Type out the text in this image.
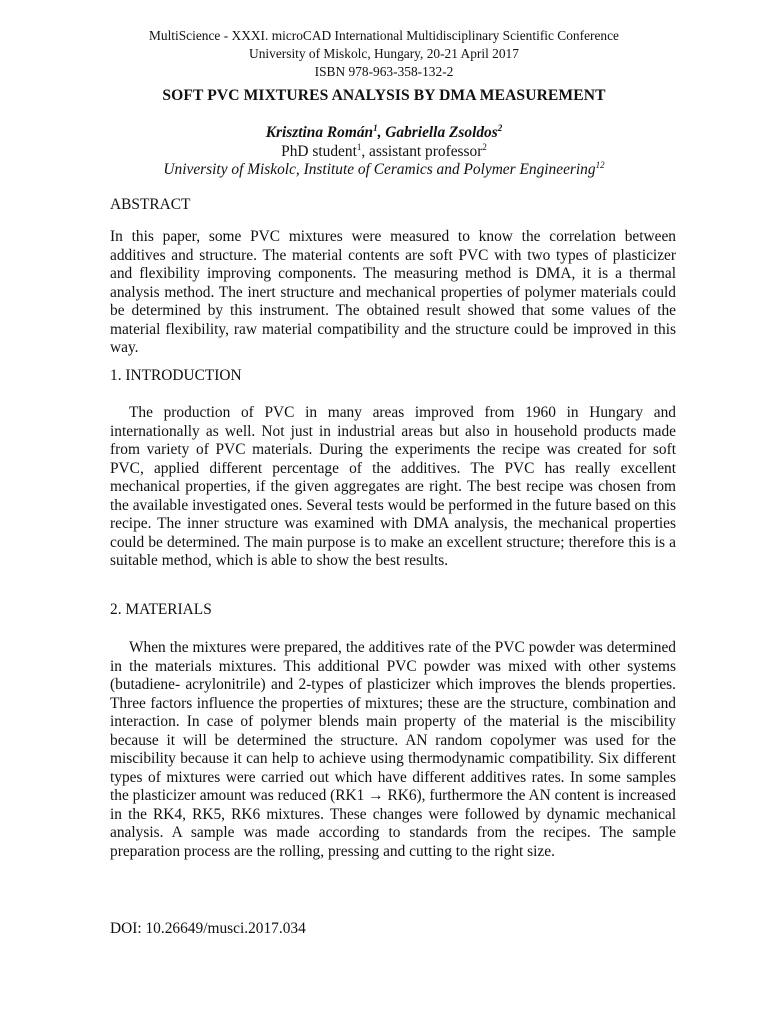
MultiScience - XXXI. microCAD International Multidisciplinary Scientific Conference
University of Miskolc, Hungary, 20-21 April 2017
ISBN 978-963-358-132-2
SOFT PVC MIXTURES ANALYSIS BY DMA MEASUREMENT
Krisztina Román$^1$, Gabriella Zsoldos$^2$
PhD student$^1$, assistant professor$^2$
University of Miskolc, Institute of Ceramics and Polymer Engineering$^{12}$
ABSTRACT
In this paper, some PVC mixtures were measured to know the correlation between additives and structure. The material contents are soft PVC with two types of plasticizer and flexibility improving components. The measuring method is DMA, it is a thermal analysis method. The inert structure and mechanical properties of polymer materials could be determined by this instrument. The obtained result showed that some values of the material flexibility, raw material compatibility and the structure could be improved in this way.
1. INTRODUCTION
The production of PVC in many areas improved from 1960 in Hungary and internationally as well. Not just in industrial areas but also in household products made from variety of PVC materials. During the experiments the recipe was created for soft PVC, applied different percentage of the additives. The PVC has really excellent mechanical properties, if the given aggregates are right. The best recipe was chosen from the available investigated ones. Several tests would be performed in the future based on this recipe. The inner structure was examined with DMA analysis, the mechanical properties could be determined. The main purpose is to make an excellent structure; therefore this is a suitable method, which is able to show the best results.
2. MATERIALS
When the mixtures were prepared, the additives rate of the PVC powder was determined in the materials mixtures. This additional PVC powder was mixed with other systems (butadiene- acrylonitrile) and 2-types of plasticizer which improves the blends properties. Three factors influence the properties of mixtures; these are the structure, combination and interaction. In case of polymer blends main property of the material is the miscibility because it will be determined the structure. AN random copolymer was used for the miscibility because it can help to achieve using thermodynamic compatibility. Six different types of mixtures were carried out which have different additives rates. In some samples the plasticizer amount was reduced (RK1 → RK6), furthermore the AN content is increased in the RK4, RK5, RK6 mixtures. These changes were followed by dynamic mechanical analysis. A sample was made according to standards from the recipes. The sample preparation process are the rolling, pressing and cutting to the right size.
DOI: 10.26649/musci.2017.034
